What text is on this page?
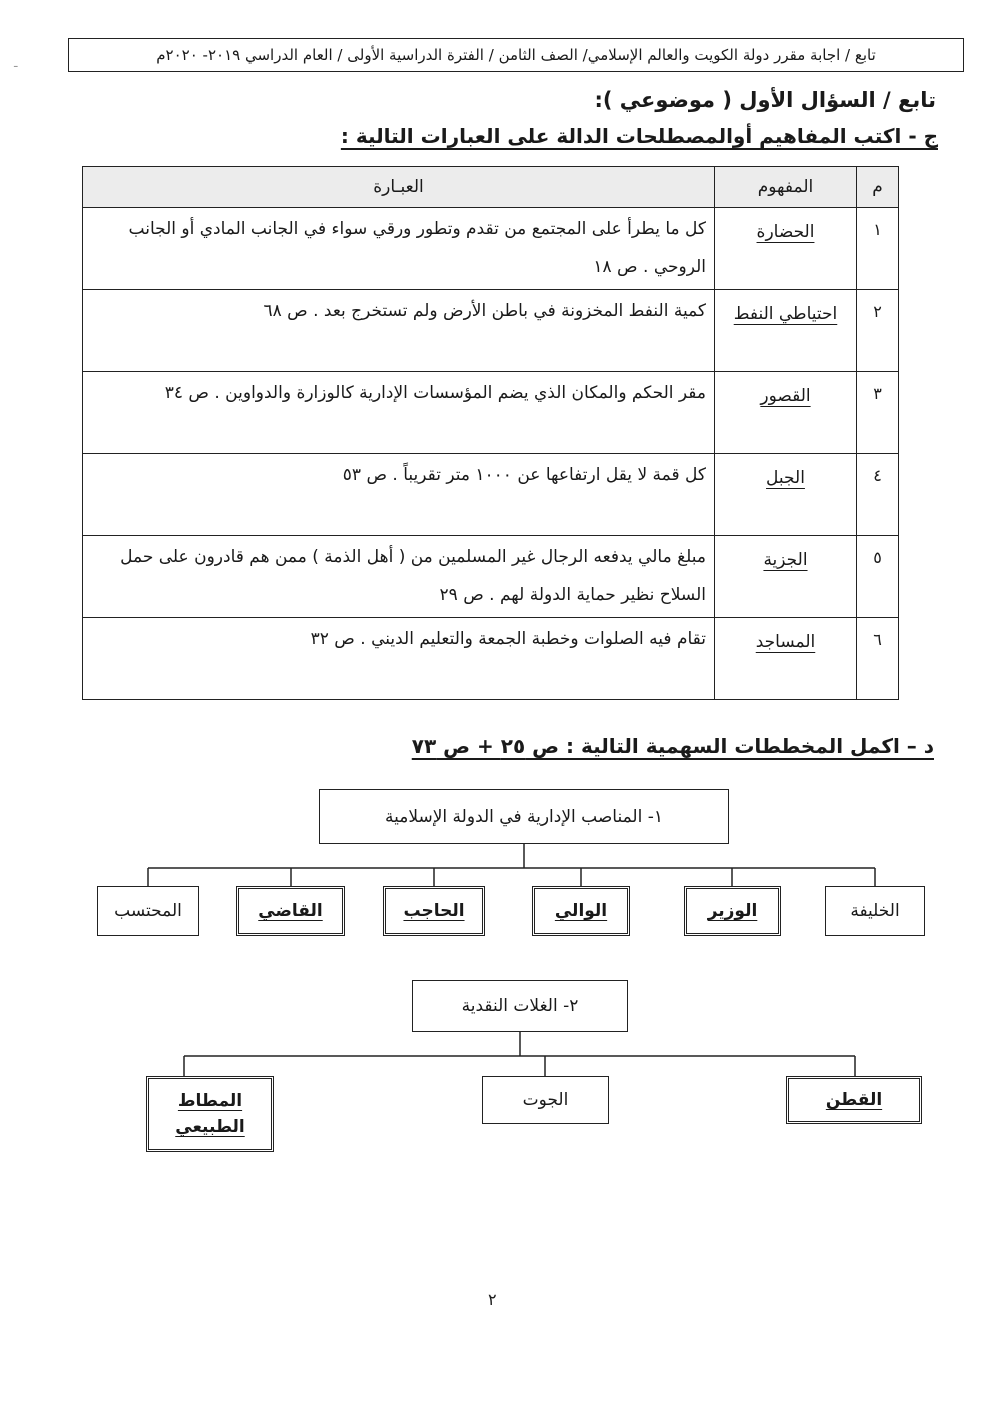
ـ	تابع / اجابة مقرر دولة الكويت والعالم الإسلامي/ الصف الثامن / الفترة الدراسية الأولى / العام الدراسي ٢٠١٩- ٢٠٢٠م
تابع / السؤال الأول ( موضوعي ):
ج - اكتب المفاهيم أوالمصطلحات الدالة على العبارات التالية :
م	المفهوم	العبـارة
١	الحضارة	كل ما يطرأ على المجتمع من تقدم وتطور ورقي سواء في الجانب المادي أو الجانب الروحي . ص ١٨
٢	احتياطي النفط	كمية النفط المخزونة في باطن الأرض ولم تستخرج بعد . ص ٦٨
٣	القصور	مقر الحكم والمكان الذي يضم المؤسسات الإدارية كالوزارة والدواوين . ص ٣٤
٤	الجبل	كل قمة لا يقل ارتفاعها عن ١٠٠٠ متر تقريباً . ص ٥٣
٥	الجزية	مبلغ مالي يدفعه الرجال غير المسلمين من ( أهل الذمة ) ممن هم قادرون على حمل السلاح نظير حماية الدولة لهم . ص ٢٩
٦	المساجد	تقام فيه الصلوات وخطبة الجمعة والتعليم الديني . ص ٣٢
د – اكمل المخططات السهمية التالية : ص ٢٥ + ص ٧٣
١- المناصب الإدارية في الدولة الإسلامية
الخليفة
الوزير
الوالي
الحاجب
القاضي
المحتسب
٢- الغلات النقدية
القطن
الجوت
المطاط الطبيعي
٢
